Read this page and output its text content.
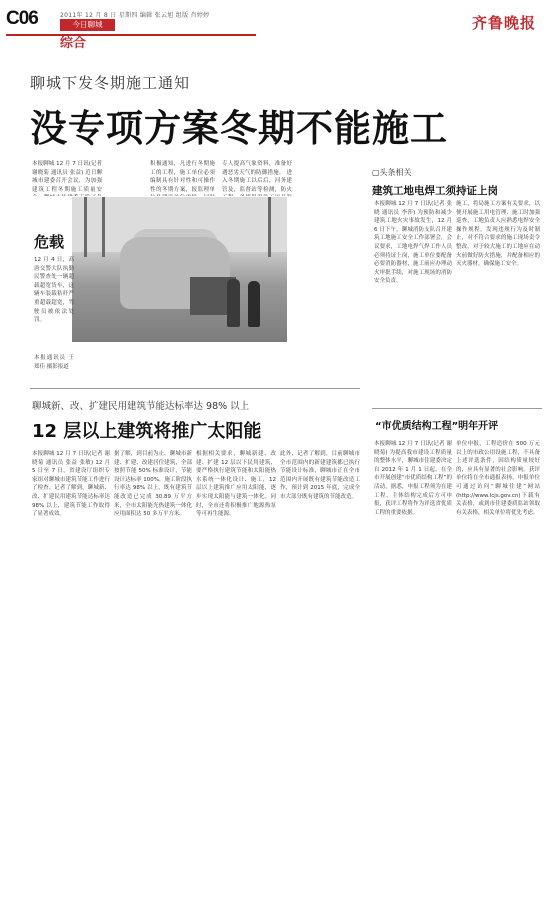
C06	2011年 12 月 8 日 星期四 编辑 张云旭 组版 肖婷婷
今日聊城
综合
齐鲁晚报
聊城下发冬期施工通知
没专项方案冬期不能施工
本报聊城 12 月 7 日讯(记者 谢晓菊 通讯员 张益) 近日聊城市建委召开会议，为加强建筑工程冬期施工质量安
积极通知，凡进行冬期施工的工程，施工单位必须编制具有针对性和可操作性的冬期方案，报监理单
专人提高气象资料，准备好遇恶劣天气的防御措施。 进入冬期施工以后后，河务建管及，监督站等检测，防火
危载
12 月 4 日，高唐交警大队执勤民警查处一辆超载超宽货车，这辆车装载秸秆严重超载超宽，驾驶员被依法处罚。
本报通讯员 王 郑佳 摄影报道
▢头条相关
建筑工地电焊工须持证上岗
本报聊城 12 月 7 日讯(记者 张晓 通讯员 李莎) 为预防和减少建筑工地火灾事故发生，12 月 6 日下午，聊城消防支队召开建筑工地施工安全工作部署会，会议要求，工地电焊气焊工作人员必须持证上岗，施工单位要配备必要消防器材，施工前应办理动火审批手续，对施工现场的消防安全负责。
施工，将局施工方案有关要求，以便开展施工用电管理、施工时加强巡查，工地负责人应熟悉电焊安全操作规程，发现违规行为及时制止，对不符合要求的施工现场责令整改。对于较大施工的工地应在动火前做好防火措施，并配备相应的灭火器材，确保施工安全。
“市优质结构工程”明年开评
本报聊城 12 月 7 日讯(记者 谢晓菊) 为提高我市建设工程质量的整体水平，聊城市住建委决定自 2012 年 1 月 1 日起，在全市开展创建“市优质结构工程”的活动。据悉，申报工程须为在建工程，主体结构完成后方可申报，获评工程将作为评选省优质工程的重要依据。
单位申报，工程造价在 500 万元以上的市政公用设施工程，不具备上述评选条件，因结构质量较好的，应具有显著的社会影响。获评单位将在全市通报表扬。申报单位可通过访问“聊城住建”网站(http://www.lcjs.gov.cn)下载有关表格，或到市住建委质监站领取有关表格，相关单位将优先考虑。
聊城新、改、扩建民用建筑节能达标率达 98% 以上
12 层以上建筑将推广太阳能
本报聊城 12 月 7 日讯(记者 谢晓菊 通讯员 张益 张敏) 12 月 5 日至 7 日，省建设厅组织专家组对聊城市建筑节能工作进行了检查。记者了解到，聊城新、改、扩建民用建筑节能达标率达 98% 以上，建筑节能工作取得了显著成效。
据了解，到目前为止，聊城市新建、扩建、改建居住建筑，全部按照节能 50% 标准设计，节能设计达标率 100%，施工阶段执行率达 98% 以上，既有建筑节能改造已完成 30.89 万平方米，全市太阳能光热建筑一体化应用面积达 50 多万平方米。
根据相关要求，聊城新建、改建、扩建 12 层以下民用建筑，要严格执行建筑节能和太阳能热水系统一体化设计、施工，12 层以上建筑推广应用太阳能，逐步实现太阳能与建筑一体化。同时，全市还将积极推广地源热泵等可再生能源。
此外，记者了解到，目前聊城市全市范围内的新建建筑都已执行节能设计标准，聊城市正在全市范围内开展既有建筑节能改造工作，预计到 2015 年底，完成全市大部分既有建筑的节能改造。
